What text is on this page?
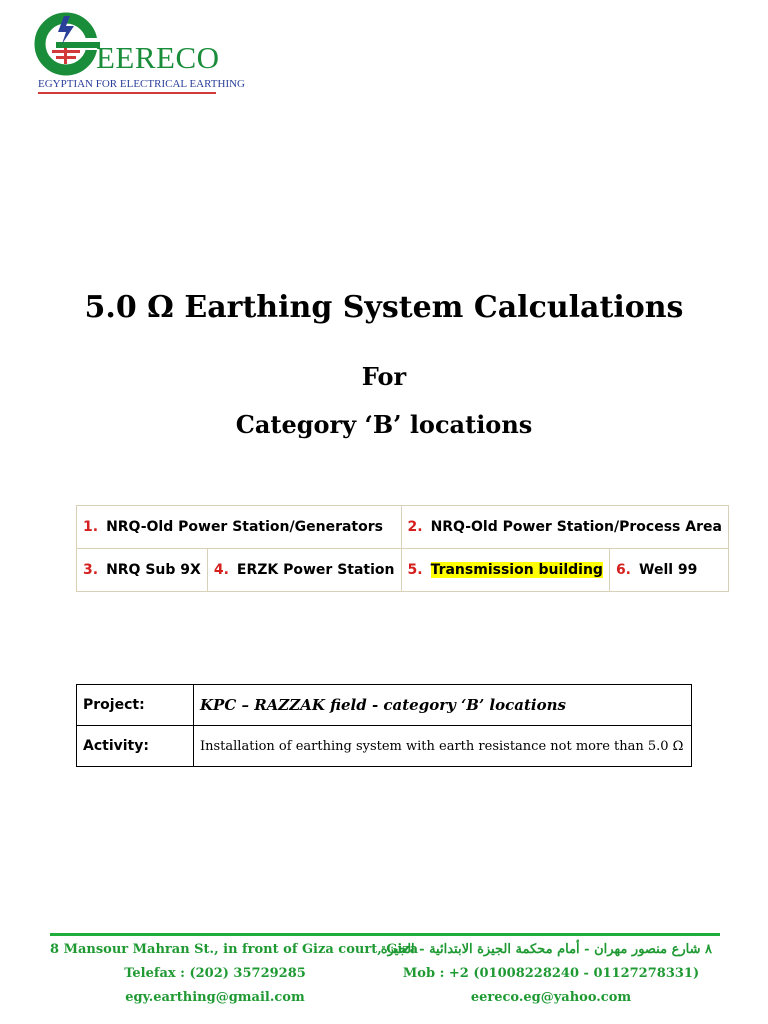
EERECO
EGYPTIAN FOR ELECTRICAL EARTHING
5.0 Ω Earthing System Calculations
For
Category ‘B’ locations
1. NRQ-Old Power Station/Generators		2. NRQ-Old Power Station/Process Area	
3. NRQ Sub 9X	4. ERZK Power Station	5. Transmission building	6. Well 99
Project:	KPC – RAZZAK field - category ‘B’ locations
Activity:	Installation of earthing system with earth resistance not more than 5.0 Ω
8 Mansour Mahran St., in front of Giza court, Giza
٨ شارع منصور مهران - أمام محكمة الجيزة الابتدائية - الجيزة
Telefax : (202) 35729285	Mob : +2 (01008228240 - 01127278331)
egy.earthing@gmail.com	eereco.eg@yahoo.com
